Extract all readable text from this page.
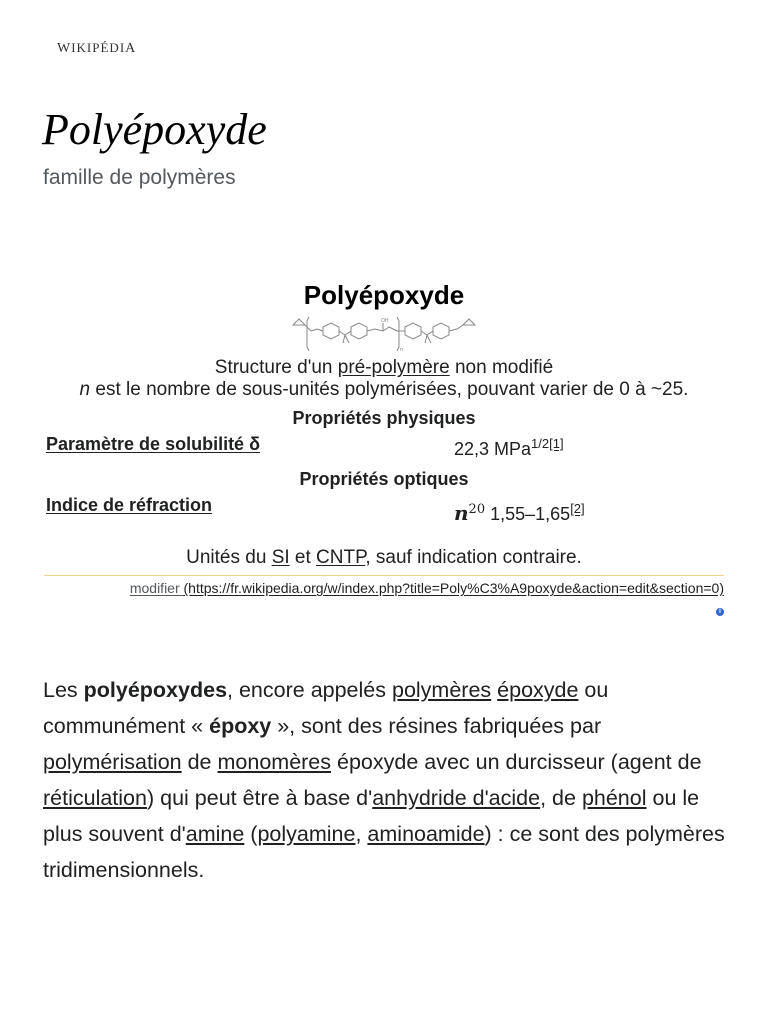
WIKIPÉDIA
Polyépoxyde
famille de polymères
Polyépoxyde
OH
n
Structure d'un pré-polymère non modifié
n est le nombre de sous-unités polymérisées, pouvant varier de 0 à ~25.
Propriétés physiques
Paramètre de solubilité δ	22,3 MPa$^{1/2[1]}$
Propriétés optiques
Indice de réfraction	$n^{20}$ 1,55–1,65[2]
Unités du SI et CNTP, sauf indication contraire.
modifier (https://fr.wikipedia.org/w/index.php?title=Poly%C3%A9poxyde&action=edit&section=0)
i

Les polyépoxydes, encore appelés polymères époxyde ou communément « époxy », sont des résines fabriquées par polymérisation de monomères époxyde avec un durcisseur (agent de réticulation) qui peut être à base d'anhydride d'acide, de phénol ou le plus souvent d'amine (polyamine, aminoamide) : ce sont des polymères tridimensionnels.
